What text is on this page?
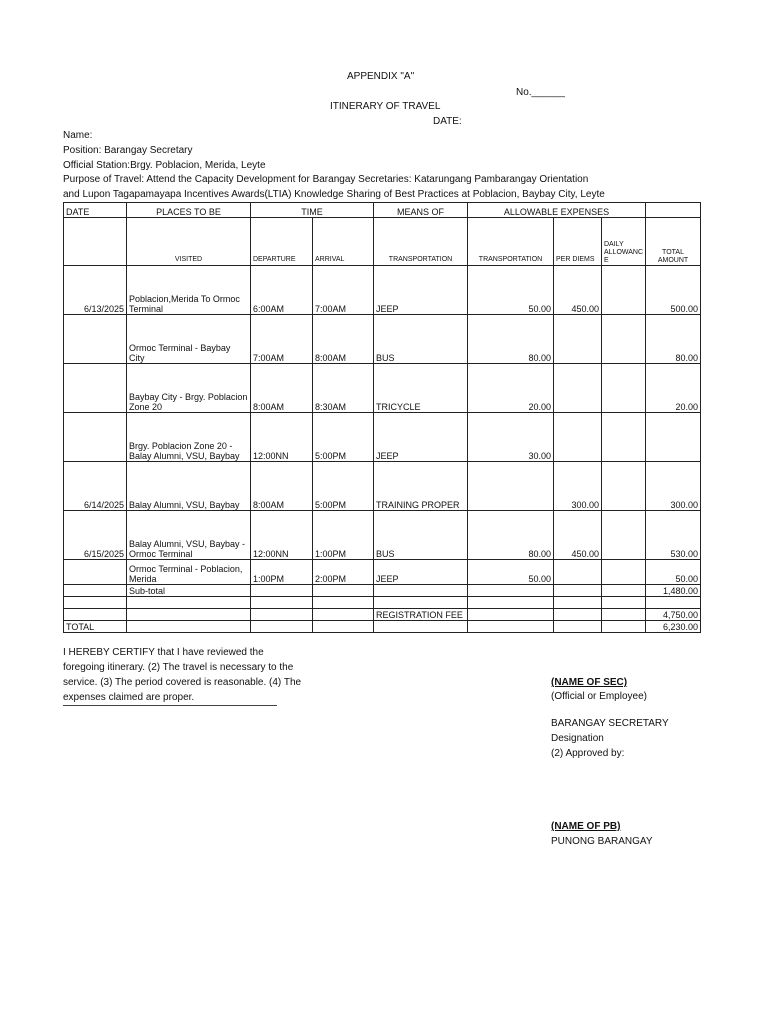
APPENDIX "A"
No.______
ITINERARY OF TRAVEL
DATE:
Name:
Position: Barangay Secretary
Official Station:Brgy. Poblacion, Merida, Leyte
Purpose of Travel: Attend the Capacity Development for Barangay Secretaries: Katarungang Pambarangay Orientation
and Lupon Tagapamayapa Incentives Awards(LTIA) Knowledge Sharing of Best Practices at Poblacion, Baybay City, Leyte
DATE	PLACES TO BE	TIME		MEANS OF	ALLOWABLE EXPENSES			
	VISITED	DEPARTURE	ARRIVAL	TRANSPORTATION	TRANSPORTATION	PER DIEMS	DAILY ALLOWANC E	TOTAL AMOUNT
6/13/2025	Poblacion,Merida To Ormoc Terminal	6:00AM	7:00AM	JEEP	50.00	450.00		500.00
	Ormoc Terminal - Baybay City	7:00AM	8:00AM	BUS	80.00			80.00
	Baybay City - Brgy. Poblacion Zone 20	8:00AM	8:30AM	TRICYCLE	20.00			20.00
	Brgy. Poblacion Zone 20 - Balay Alumni, VSU, Baybay	12:00NN	5:00PM	JEEP	30.00			
6/14/2025	Balay Alumni, VSU, Baybay	8:00AM	5:00PM	TRAINING PROPER		300.00		300.00
6/15/2025	Balay Alumni, VSU, Baybay - Ormoc Terminal	12:00NN	1:00PM	BUS	80.00	450.00		530.00
	Ormoc Terminal - Poblacion, Merida	1:00PM	2:00PM	JEEP	50.00			50.00
	Sub-total							1,480.00

				REGISTRATION FEE				4,750.00
TOTAL								6,230.00
I HEREBY CERTIFY that I have reviewed the
foregoing itinerary. (2) The travel is necessary to the
service. (3) The period covered is reasonable. (4) The
expenses claimed are proper.
(NAME OF SEC)
(Official or Employee)
BARANGAY SECRETARY
Designation
(2) Approved by:
(NAME OF PB)
PUNONG BARANGAY
